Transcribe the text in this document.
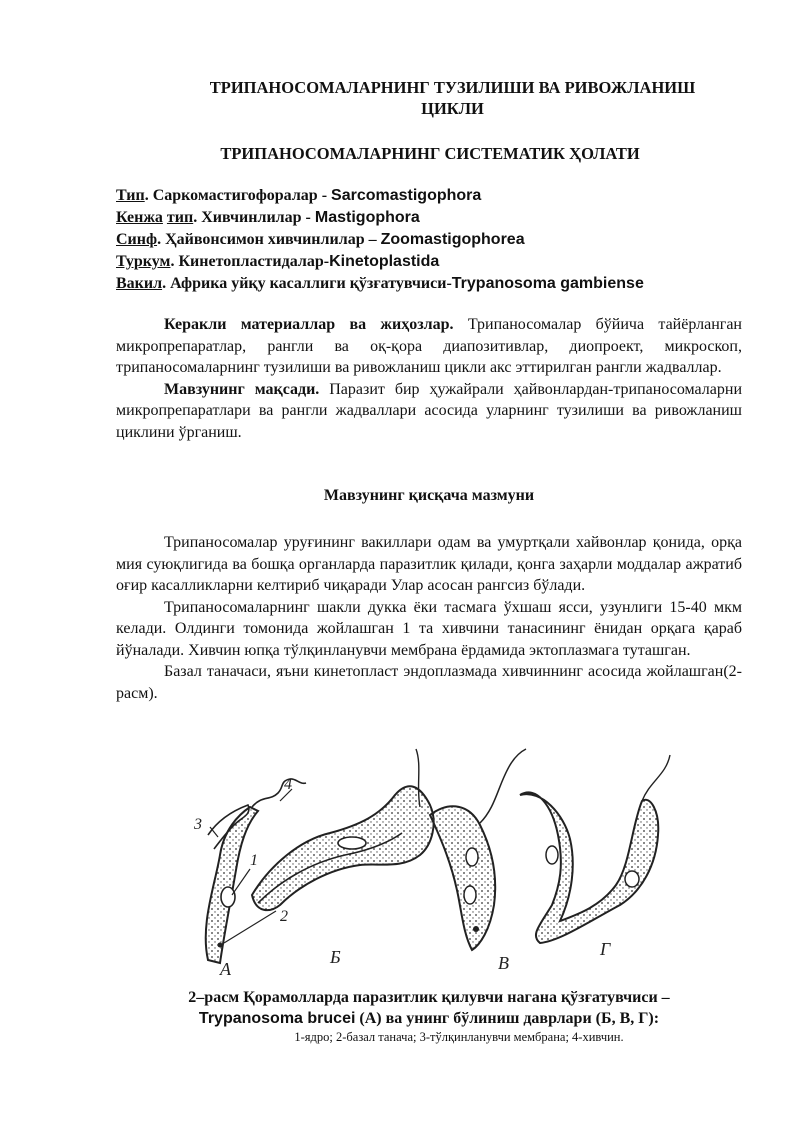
ТРИПАНОСОМАЛАРНИНГ ТУЗИЛИШИ ВА РИВОЖЛАНИШ
ЦИКЛИ
ТРИПАНОСОМАЛАРНИНГ СИСТЕМАТИК ҲОЛАТИ
Тип. Саркомастигофоралар - Sarcomastigophora
Кенжа тип. Хивчинлилар - Mastigophora
Синф. Ҳайвонсимон хивчинлилар – Zoomastigophorea
Туркум. Кинетопластидалар-Kinetoplastida
Вакил. Африка уйқу касаллиги қўзғатувчиси-Trypanosoma gambiense

Керакли материаллар ва жиҳозлар. Трипаносомалар бўйича тайёрланган микропрепаратлар, рангли ва оқ-қора диапозитивлар, диопроект, микроскоп, трипаносомаларнинг тузилиши ва ривожланиш цикли акс эттирилган рангли жадваллар.

Мавзунинг мақсади. Паразит бир ҳужайрали ҳайвонлардан-трипаносомаларни микропрепаратлари ва рангли жадваллари асосида уларнинг тузилиши ва ривожланиш циклини ўрганиш.

Мавзунинг қисқача мазмуни

Трипаносомалар уруғининг вакиллари одам ва умуртқали хайвонлар қонида, орқа мия суюқлигида ва бошқа органларда паразитлик қилади, қонга заҳарли моддалар ажратиб оғир касалликларни келтириб чиқаради Улар асосан рангсиз бўлади.

Трипаносомаларнинг шакли дукка ёки тасмага ўхшаш ясси, узунлиги 15-40 мкм келади. Олдинги томонида жойлашган 1 та хивчини танасининг ёнидан орқага қараб йўналади. Хивчин юпқа тўлқинланувчи мембрана ёрдамида эктоплазмага туташган.

Базал таначаси, яъни кинетопласт эндоплазмада хивчиннинг асосида жойлашган(2-расм).

4
3
1
2
А
Б	В
Г
2–расм Қорамолларда паразитлик қилувчи нагана қўзғатувчиси –
Trypanosoma brucei (А) ва унинг бўлиниш даврлари (Б, В, Г):
1-ядро; 2-базал танача; 3-тўлқинланувчи мембрана; 4-хивчин.
